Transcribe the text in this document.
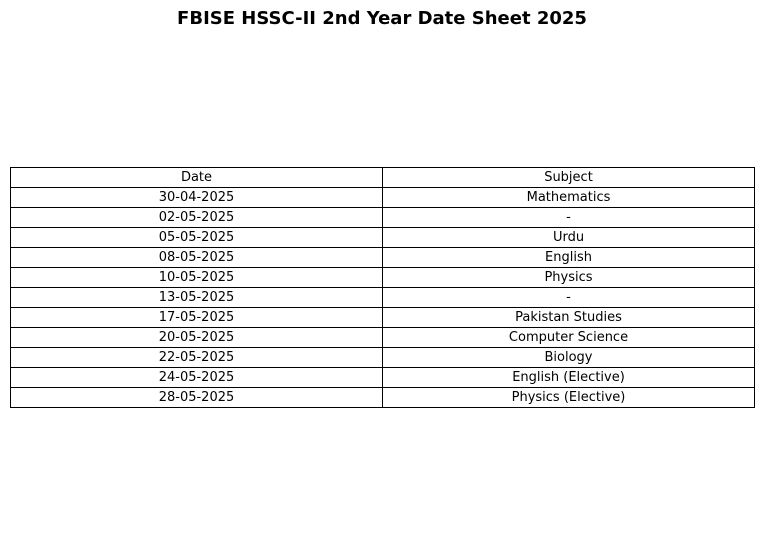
FBISE HSSC-II 2nd Year Date Sheet 2025
Date	Subject
30-04-2025	Mathematics
02-05-2025	-
05-05-2025	Urdu
08-05-2025	English
10-05-2025	Physics
13-05-2025	-
17-05-2025	Pakistan Studies
20-05-2025	Computer Science
22-05-2025	Biology
24-05-2025	English (Elective)
28-05-2025	Physics (Elective)
